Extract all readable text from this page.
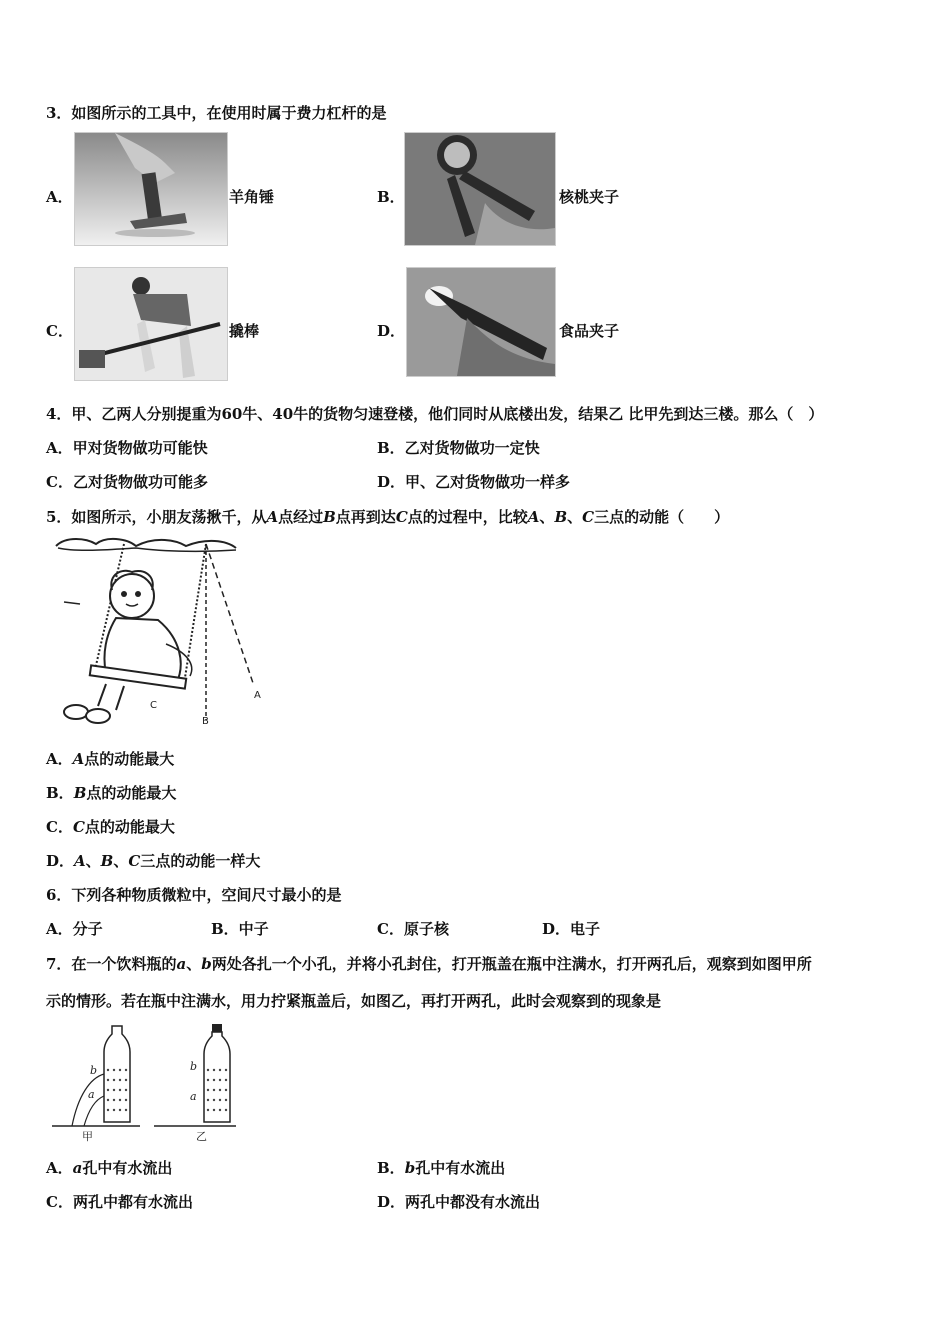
3．如图所示的工具中，在使用时属于费力杠杆的是
A．	羊角锤	B．	核桃夹子
C．	撬棒	D．	食品夹子
4．甲、乙两人分别提重为60牛、40牛的货物匀速登楼，他们同时从底楼出发，结果乙 比甲先到达三楼。那么（　）
A．甲对货物做功可能快	B．乙对货物做功一定快
C．乙对货物做功可能多	D．甲、乙对货物做功一样多
5．如图所示，小朋友荡揪千，从A点经过B点再到达C点的过程中，比较A、B、C三点的动能（　　）
B
A
C
A．A点的动能最大
B．B点的动能最大
C．C点的动能最大
D．A、B、C三点的动能一样大
6．下列各种物质微粒中，空间尺寸最小的是
A．分子	B．中子	C．原子核	D．电子
7．在一个饮料瓶的a、b两处各扎一个小孔，并将小孔封住，打开瓶盖在瓶中注满水，打开两孔后，观察到如图甲所
示的情形。若在瓶中注满水，用力拧紧瓶盖后，如图乙，再打开两孔，此时会观察到的现象是
b
a
甲
b
a
乙
A．a孔中有水流出	B．b孔中有水流出
C．两孔中都有水流出	D．两孔中都没有水流出
